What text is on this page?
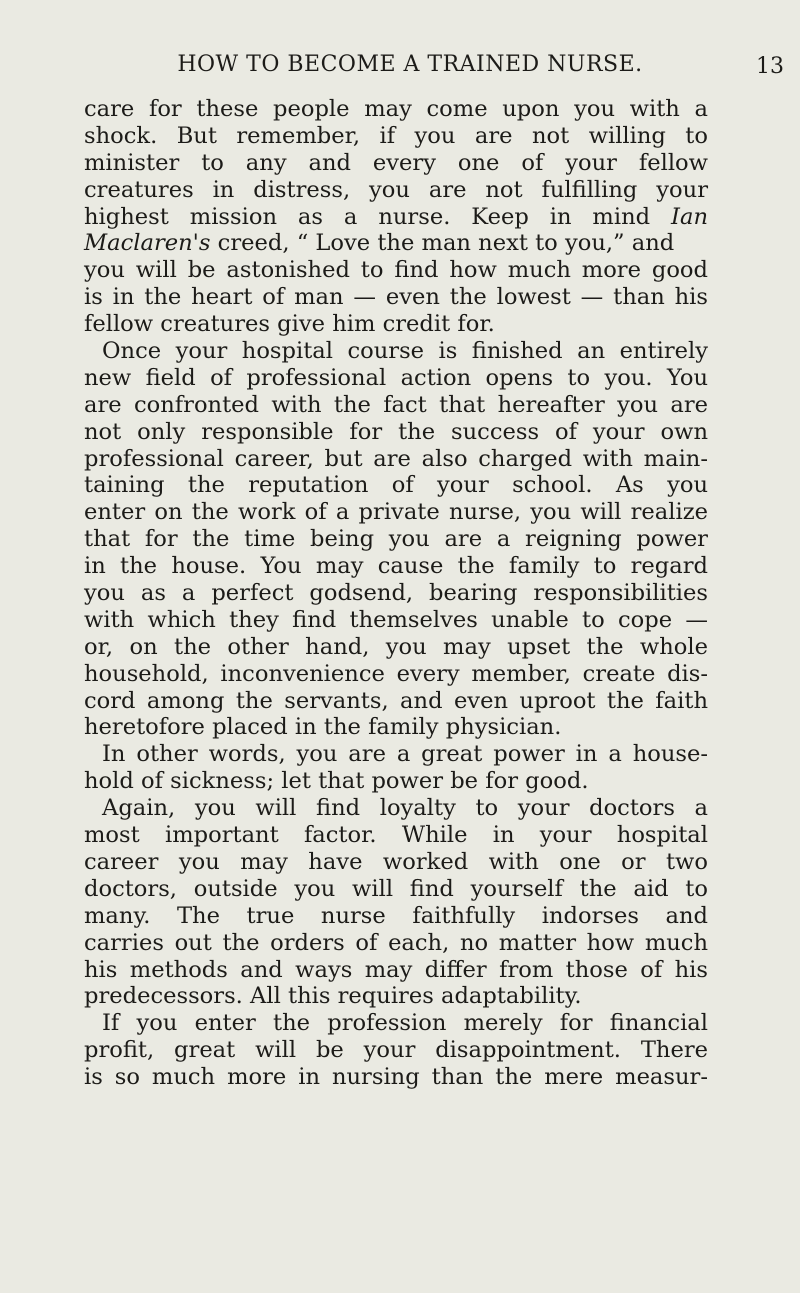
HOW TO BECOME A TRAINED NURSE.	13
care for these people may come upon you with a
shock. But remember, if you are not willing to
minister to any and every one of your fellow
creatures in distress, you are not fulfilling your
highest mission as a nurse. Keep in mind Ian
Maclaren's creed, “ Love the man next to you,” and
you will be astonished to find how much more good
is in the heart of man — even the lowest — than his
fellow creatures give him credit for.
Once your hospital course is finished an entirely
new field of professional action opens to you. You
are confronted with the fact that hereafter you are
not only responsible for the success of your own
professional career, but are also charged with main-
taining the reputation of your school. As you
enter on the work of a private nurse, you will realize
that for the time being you are a reigning power
in the house. You may cause the family to regard
you as a perfect godsend, bearing responsibilities
with which they find themselves unable to cope —
or, on the other hand, you may upset the whole
household, inconvenience every member, create dis-
cord among the servants, and even uproot the faith
heretofore placed in the family physician.
In other words, you are a great power in a house-
hold of sickness; let that power be for good.
Again, you will find loyalty to your doctors a
most important factor. While in your hospital
career you may have worked with one or two
doctors, outside you will find yourself the aid to
many. The true nurse faithfully indorses and
carries out the orders of each, no matter how much
his methods and ways may differ from those of his
predecessors. All this requires adaptability.
If you enter the profession merely for financial
profit, great will be your disappointment. There
is so much more in nursing than the mere measur-
